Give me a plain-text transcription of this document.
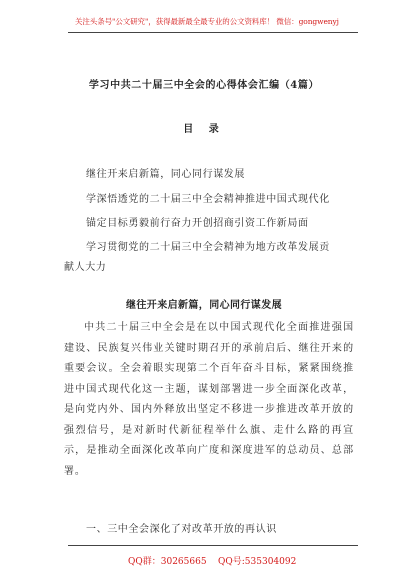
关注头条号"公文研究"，获得最新最全最专业的公文资料库！ 微信：gongwenyj
学习中共二十届三中全会的心得体会汇编（4篇）
目 录
继往开来启新篇，同心同行谋发展
学深悟透党的二十届三中全会精神推进中国式现代化
锚定目标勇毅前行奋力开创招商引资工作新局面
学习贯彻党的二十届三中全会精神为地方改革发展贡
献人大力
继往开来启新篇，同心同行谋发展

中共二十届三中全会是在以中国式现代化全面推进强国建设、民族复兴伟业关键时期召开的承前启后、继往开来的重要会议。全会着眼实现第二个百年奋斗目标，紧紧围绕推进中国式现代化这一主题，谋划部署进一步全面深化改革，是向党内外、国内外释放出坚定不移进一步推进改革开放的强烈信号，是对新时代新征程举什么旗、走什么路的再宣示，是推动全面深化改革向广度和深度进军的总动员、总部署。

一、三中全会深化了对改革开放的再认识
QQ群：30265665 QQ号:535304092
